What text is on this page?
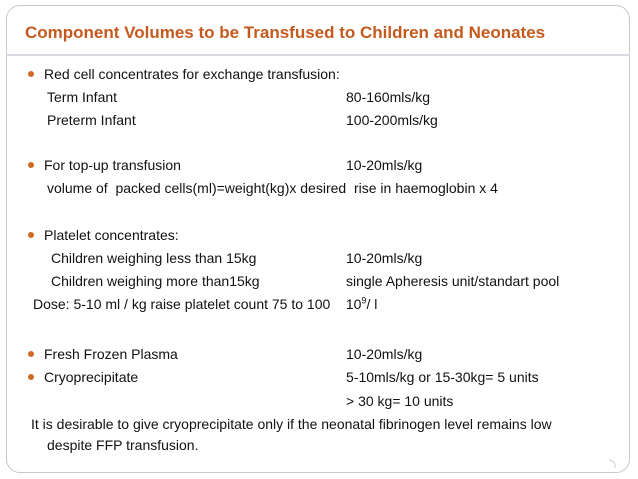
Component Volumes to be Transfused to Children and Neonates
Red cell concentrates for exchange transfusion:
Term Infant	80-160mls/kg
Preterm Infant	100-200mls/kg
For top-up transfusion	10-20mls/kg
volume of  packed cells(ml)=weight(kg)x desired  rise in haemoglobin x 4
Platelet concentrates:
Children weighing less than 15kg	10-20mls/kg
Children weighing more than15kg	single Apheresis unit/standart pool
Dose: 5-10 ml / kg raise platelet count 75 to 100    $10^9/$ l
Fresh Frozen Plasma	10-20mls/kg
Cryoprecipitate	5-10mls/kg or 15-30kg= 5 units
> 30 kg= 10 units
It is desirable to give cryoprecipitate only if the neonatal fibrinogen level remains low
despite FFP transfusion.
